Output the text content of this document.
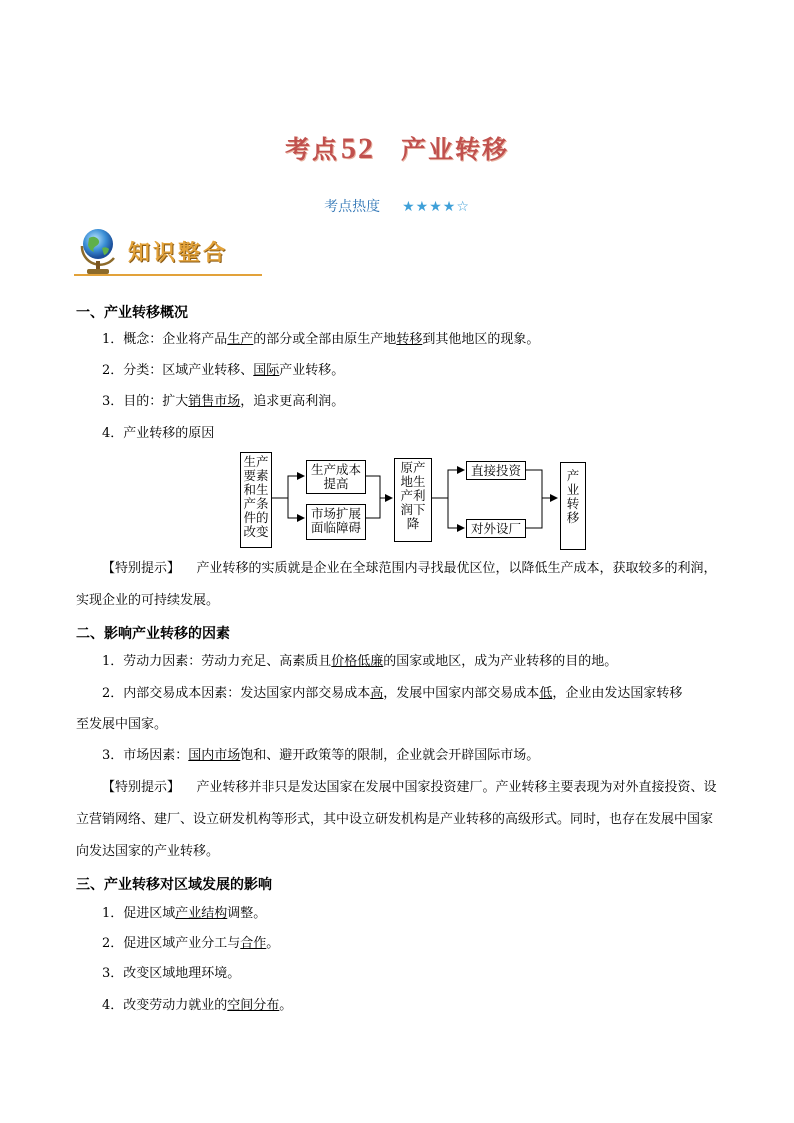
考点52 产业转移
考点热度 ★★★★☆
知识整合
一、产业转移概况
1．概念：企业将产品生产的部分或全部由原生产地转移到其他地区的现象。
2．分类：区域产业转移、国际产业转移。
3．目的：扩大销售市场，追求更高利润。
4．产业转移的原因
生产要素和生产条件的改变
生产成本提高
市场扩展面临障碍
原产地生产利润下降
直接投资
对外设厂
产业转移
【特别提示】 产业转移的实质就是企业在全球范围内寻找最优区位，以降低生产成本，获取较多的利润，实现企业的可持续发展。
二、影响产业转移的因素
1．劳动力因素：劳动力充足、高素质且价格低廉的国家或地区，成为产业转移的目的地。
2．内部交易成本因素：发达国家内部交易成本高，发展中国家内部交易成本低，企业由发达国家转移
至发展中国家。
3．市场因素：国内市场饱和、避开政策等的限制，企业就会开辟国际市场。
【特别提示】 产业转移并非只是发达国家在发展中国家投资建厂。产业转移主要表现为对外直接投资、设立营销网络、建厂、设立研发机构等形式，其中设立研发机构是产业转移的高级形式。同时，也存在发展中国家向发达国家的产业转移。
三、产业转移对区域发展的影响
1．促进区域产业结构调整。
2．促进区域产业分工与合作。
3．改变区域地理环境。
4．改变劳动力就业的空间分布。
